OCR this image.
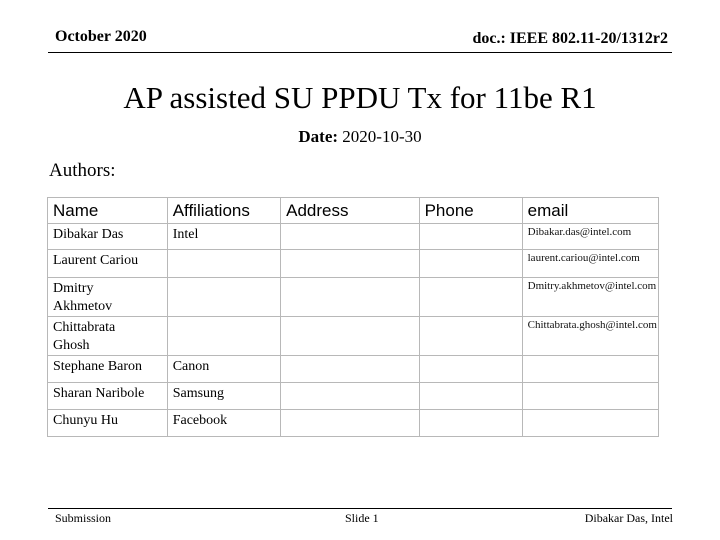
October 2020	doc.: IEEE 802.11-20/1312r2
AP assisted SU PPDU Tx for 11be R1
Date: 2020-10-30
Authors:
Name	Affiliations	Address	Phone	email
Dibakar Das	Intel			Dibakar.das@intel.com
Laurent Cariou				laurent.cariou@intel.com
Dmitry Akhmetov				Dmitry.akhmetov@intel.com
Chittabrata Ghosh				Chittabrata.ghosh@intel.com
Stephane Baron	Canon			
Sharan Naribole	Samsung			
Chunyu Hu	Facebook			
Submission	Slide 1	Dibakar Das, Intel
